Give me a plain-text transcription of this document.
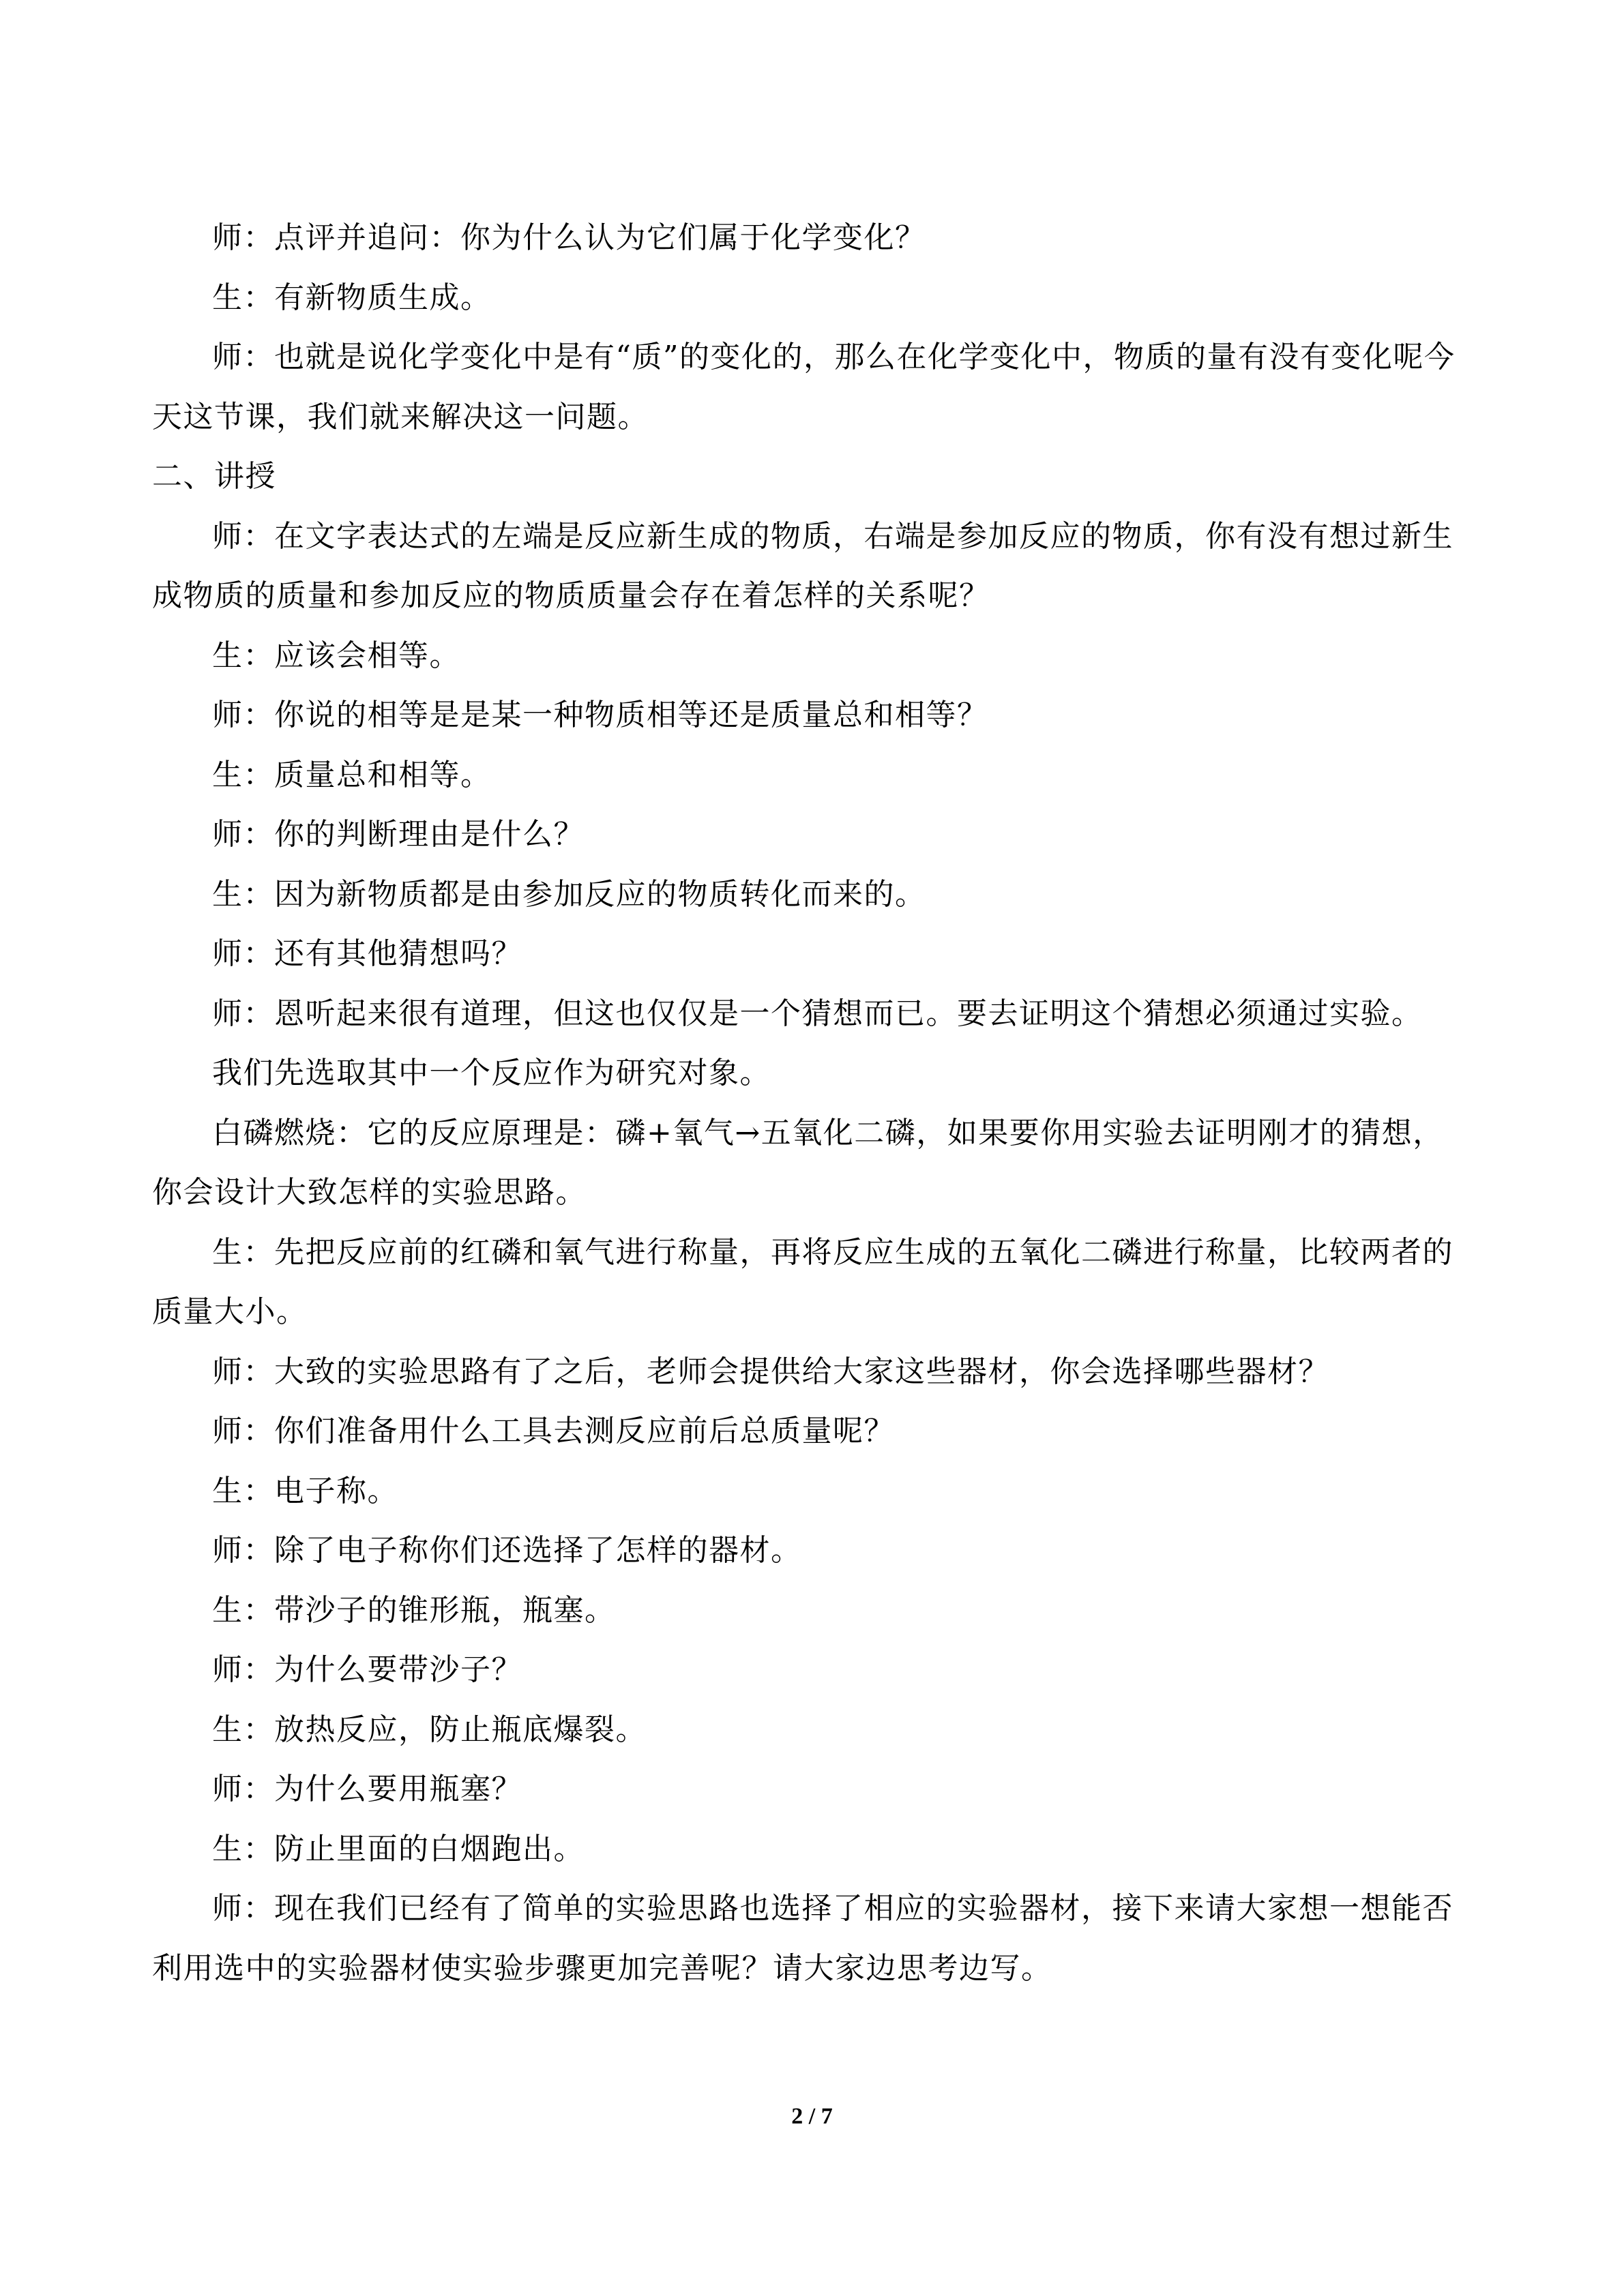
师：点评并追问：你为什么认为它们属于化学变化？

生：有新物质生成。

师：也就是说化学变化中是有“质”的变化的，那么在化学变化中，物质的量有没有变化呢今天这节课，我们就来解决这一问题。

二、讲授

师：在文字表达式的左端是反应新生成的物质，右端是参加反应的物质，你有没有想过新生成物质的质量和参加反应的物质质量会存在着怎样的关系呢？

生：应该会相等。

师：你说的相等是是某一种物质相等还是质量总和相等？

生：质量总和相等。

师：你的判断理由是什么？

生：因为新物质都是由参加反应的物质转化而来的。

师：还有其他猜想吗？

师：恩听起来很有道理，但这也仅仅是一个猜想而已。要去证明这个猜想必须通过实验。

我们先选取其中一个反应作为研究对象。

白磷燃烧：它的反应原理是：磷+氧气→五氧化二磷，如果要你用实验去证明刚才的猜想，你会设计大致怎样的实验思路。

生：先把反应前的红磷和氧气进行称量，再将反应生成的五氧化二磷进行称量，比较两者的质量大小。

师：大致的实验思路有了之后，老师会提供给大家这些器材，你会选择哪些器材？

师：你们准备用什么工具去测反应前后总质量呢？

生：电子称。

师：除了电子称你们还选择了怎样的器材。

生：带沙子的锥形瓶，瓶塞。

师：为什么要带沙子？

生：放热反应，防止瓶底爆裂。

师：为什么要用瓶塞？

生：防止里面的白烟跑出。

师：现在我们已经有了简单的实验思路也选择了相应的实验器材，接下来请大家想一想能否利用选中的实验器材使实验步骤更加完善呢？请大家边思考边写。

2 / 7
